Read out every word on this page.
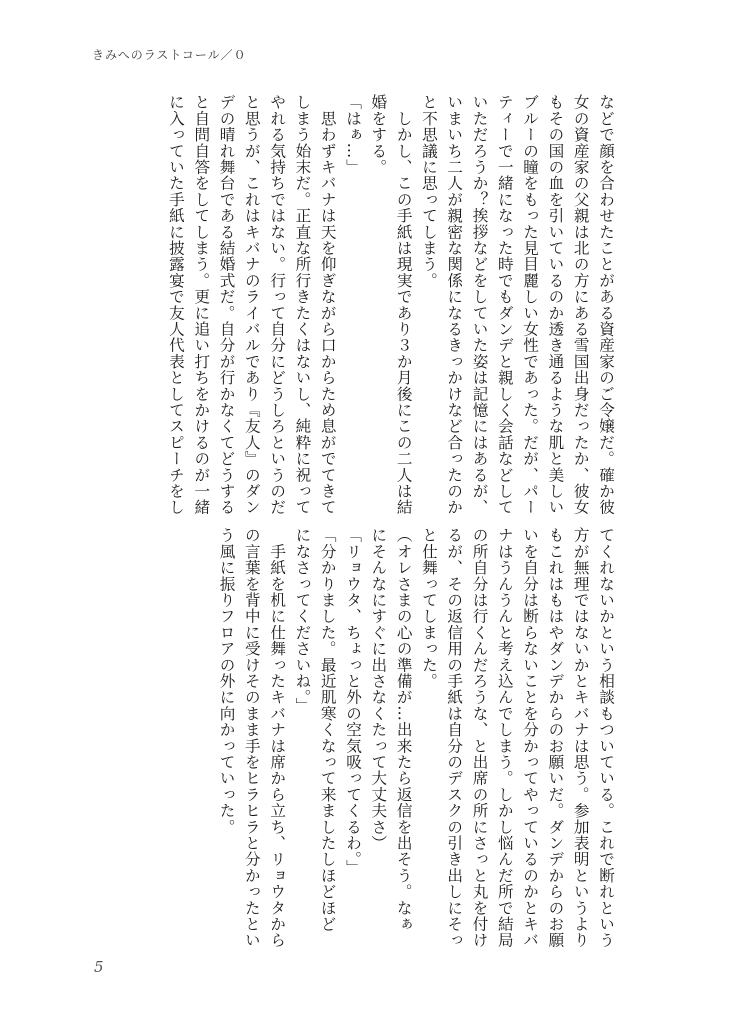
きみへのラストコール／０

などで顔を合わせたことがある資産家のご令嬢だ。確か彼

女の資産家の父親は北の方にある雪国出身だったか、彼女

もその国の血を引いているのか透き通るような肌と美しい

ブルーの瞳をもった見目麗しい女性であった。だが、パー

ティーで一緒になった時でもダンデと親しく会話などして

いただろうか？挨拶などをしていた姿は記憶にはあるが、

いまいち二人が親密な関係になるきっかけなど合ったのか

と不思議に思ってしまう。

　しかし、この手紙は現実であり３か月後にこの二人は結

婚をする。

「はぁ…」

　思わずキバナは天を仰ぎながら口からため息がでてきて

しまう始末だ。正直な所行きたくはないし、純粋に祝って

やれる気持ちではない。行って自分にどうしろというのだ

と思うが、これはキバナのライバルであり『友人』のダン

デの晴れ舞台である結婚式だ。自分が行かなくてどうする

と自問自答をしてしまう。更に追い打ちをかけるのが一緒

に入っていた手紙に披露宴で友人代表としてスピーチをし

てくれないかという相談もついている。これで断れという

方が無理ではないかとキバナは思う。参加表明というより

もこれはもはやダンデからのお願いだ。ダンデからのお願

いを自分は断らないことを分かってやっているのかとキバ

ナはうんうんと考え込んでしまう。しかし悩んだ所で結局

の所自分は行くんだろうな、と出席の所にさっと丸を付け

るが、その返信用の手紙は自分のデスクの引き出しにそっ

と仕舞ってしまった。

（オレさまの心の準備が…出来たら返信を出そう。なぁ

にそんなにすぐに出さなくたって大丈夫さ）

「リョウタ、ちょっと外の空気吸ってくるわ。」

「分かりました。最近肌寒くなって来ましたしほどほど

になさってくださいね。」

　手紙を机に仕舞ったキバナは席から立ち、リョウタから

の言葉を背中に受けそのまま手をヒラヒラと分かったとい

う風に振りフロアの外に向かっていった。

5
